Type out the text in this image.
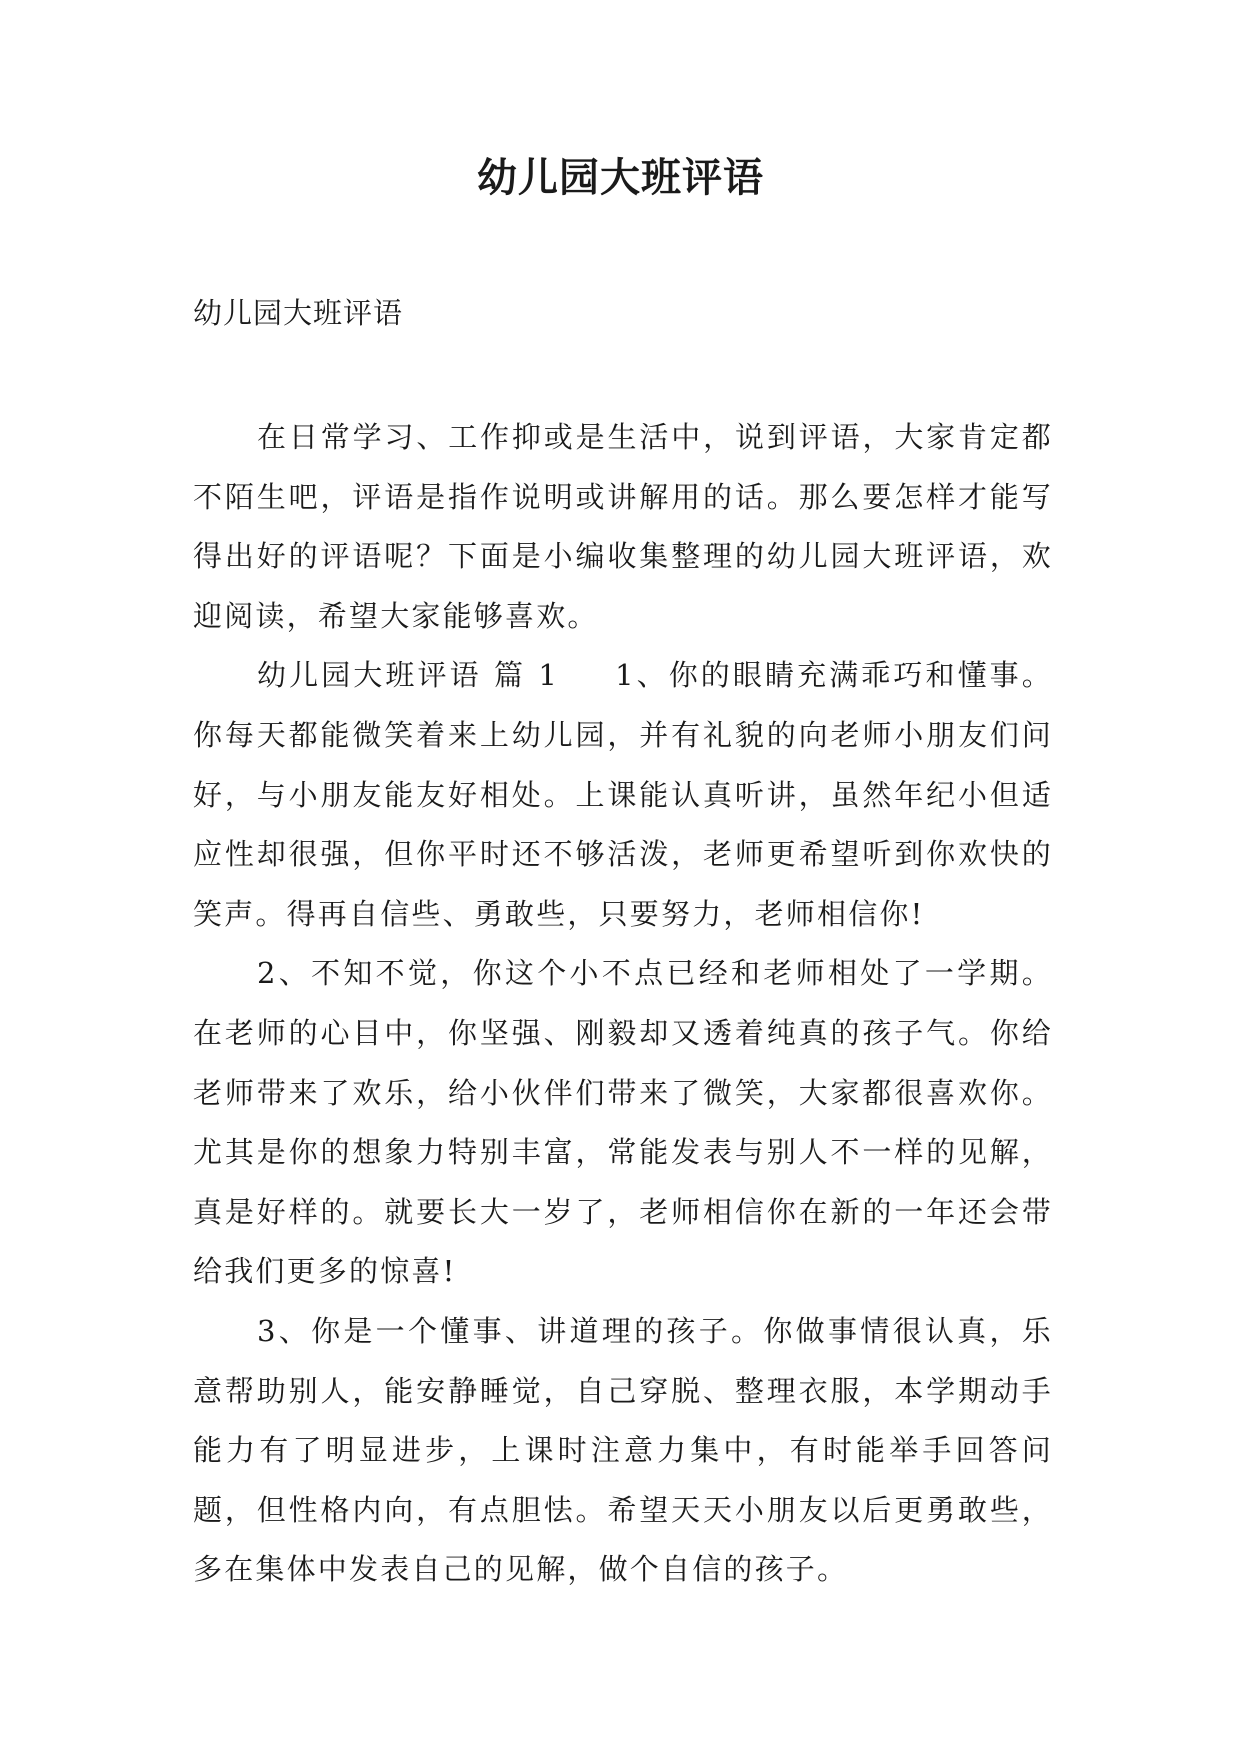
幼儿园大班评语

幼儿园大班评语

在日常学习、工作抑或是生活中，说到评语，大家肯定都不陌生吧，评语是指作说明或讲解用的话。那么要怎样才能写得出好的评语呢？下面是小编收集整理的幼儿园大班评语，欢迎阅读，希望大家能够喜欢。

幼儿园大班评语 篇 1 1、你的眼睛充满乖巧和懂事。你每天都能微笑着来上幼儿园，并有礼貌的向老师小朋友们问好，与小朋友能友好相处。上课能认真听讲，虽然年纪小但适应性却很强，但你平时还不够活泼，老师更希望听到你欢快的笑声。得再自信些、勇敢些，只要努力，老师相信你!

2、不知不觉，你这个小不点已经和老师相处了一学期。在老师的心目中，你坚强、刚毅却又透着纯真的孩子气。你给老师带来了欢乐，给小伙伴们带来了微笑，大家都很喜欢你。尤其是你的想象力特别丰富，常能发表与别人不一样的见解，真是好样的。就要长大一岁了，老师相信你在新的一年还会带给我们更多的惊喜!

3、你是一个懂事、讲道理的孩子。你做事情很认真，乐意帮助别人，能安静睡觉，自己穿脱、整理衣服，本学期动手能力有了明显进步，上课时注意力集中，有时能举手回答问题，但性格内向，有点胆怯。希望天天小朋友以后更勇敢些，多在集体中发表自己的见解，做个自信的孩子。
